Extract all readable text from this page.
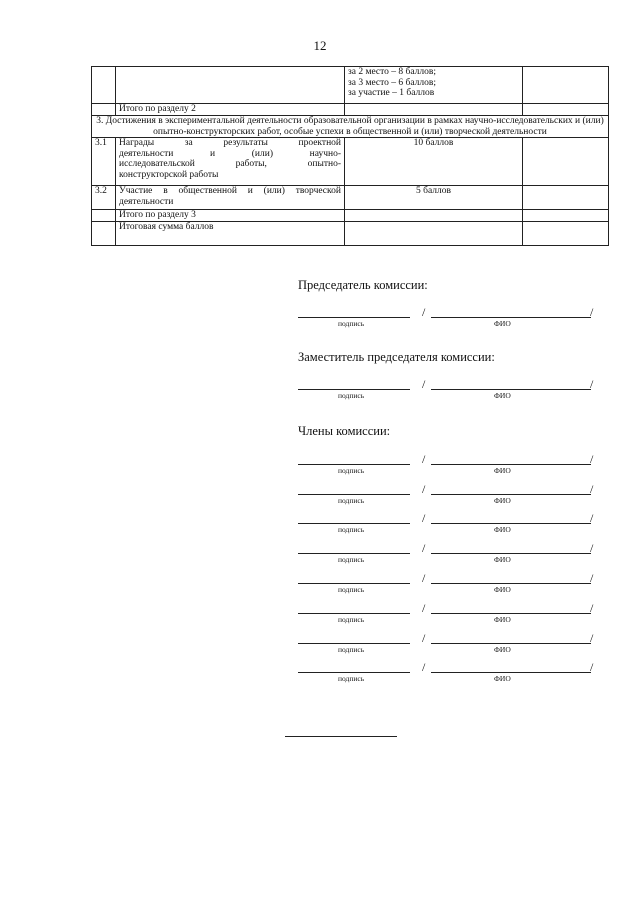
12

		за 2 место – 8 баллов;
за 3 место – 6 баллов;
за участие – 1 баллов	

	Итого по разделу 2		
3. Достижения в экспериментальной деятельности образовательной организации в рамках научно-исследовательских и (или) опытно-конструкторских работ, особые успехи в общественной и (или) творческой деятельности			
3.1	Награды за результаты проектной
деятельности и (или) научно-
исследовательской работы, опытно-
конструкторской работы	10 баллов	
3.2	Участие в общественной и (или) творческой деятельности	5 баллов	
	Итого по разделу 3		
	Итоговая сумма баллов		
Председатель комиссии:
/	/
подпись	ФИО
Заместитель председателя комиссии:
/	/
подпись	ФИО
Члены комиссии:
/	/
подпись	ФИО
/	/
подпись	ФИО
/	/
подпись	ФИО
/	/
подпись	ФИО
/	/
подпись	ФИО
/	/
подпись	ФИО
/	/
подпись	ФИО
/	/
подпись	ФИО
